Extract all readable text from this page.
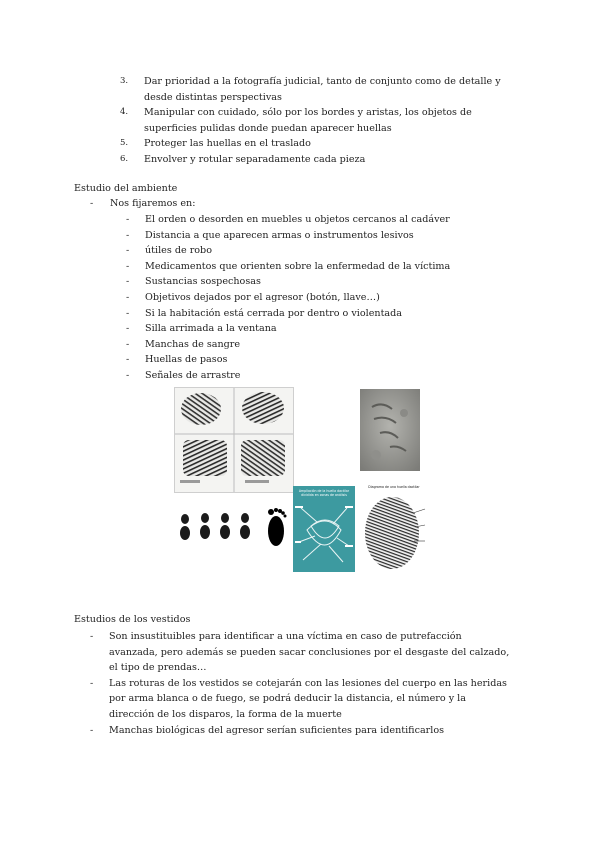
3. Dar prioridad a la fotografía judicial, tanto de conjunto como de detalle y desde distintas perspectivas
4. Manipular con cuidado, sólo por los bordes y aristas, los objetos de superficies pulidas donde puedan aparecer huellas
5. Proteger las huellas en el traslado
6. Envolver y rotular separadamente cada pieza
Estudio del ambiente
- Nos fijaremos en:
- El orden o desorden en muebles u objetos cercanos al cadáver
- Distancia a que aparecen armas o instrumentos lesivos
- útiles de robo
- Medicamentos que orienten sobre la enfermedad de la víctima
- Sustancias sospechosas
- Objetivos dejados por el agresor (botón, llave…)
- Si la habitación está cerrada por dentro o violentada
- Silla arrimada a la ventana
- Manchas de sangre
- Huellas de pasos
- Señales de arrastre
Ampliación de la huella dactilar dividida en zonas de análisis
Diagrama de una huella dactilar
Estudios de los vestidos
- Son insustituibles para identificar a una víctima en caso de putrefacción avanzada, pero además se pueden sacar conclusiones por el desgaste del calzado, el tipo de prendas…
- Las roturas de los vestidos se cotejarán con las lesiones del cuerpo en las heridas por arma blanca o de fuego, se podrá deducir la distancia, el número y la dirección de los disparos, la forma de la muerte
- Manchas biológicas del agresor serían suficientes para identificarlos
